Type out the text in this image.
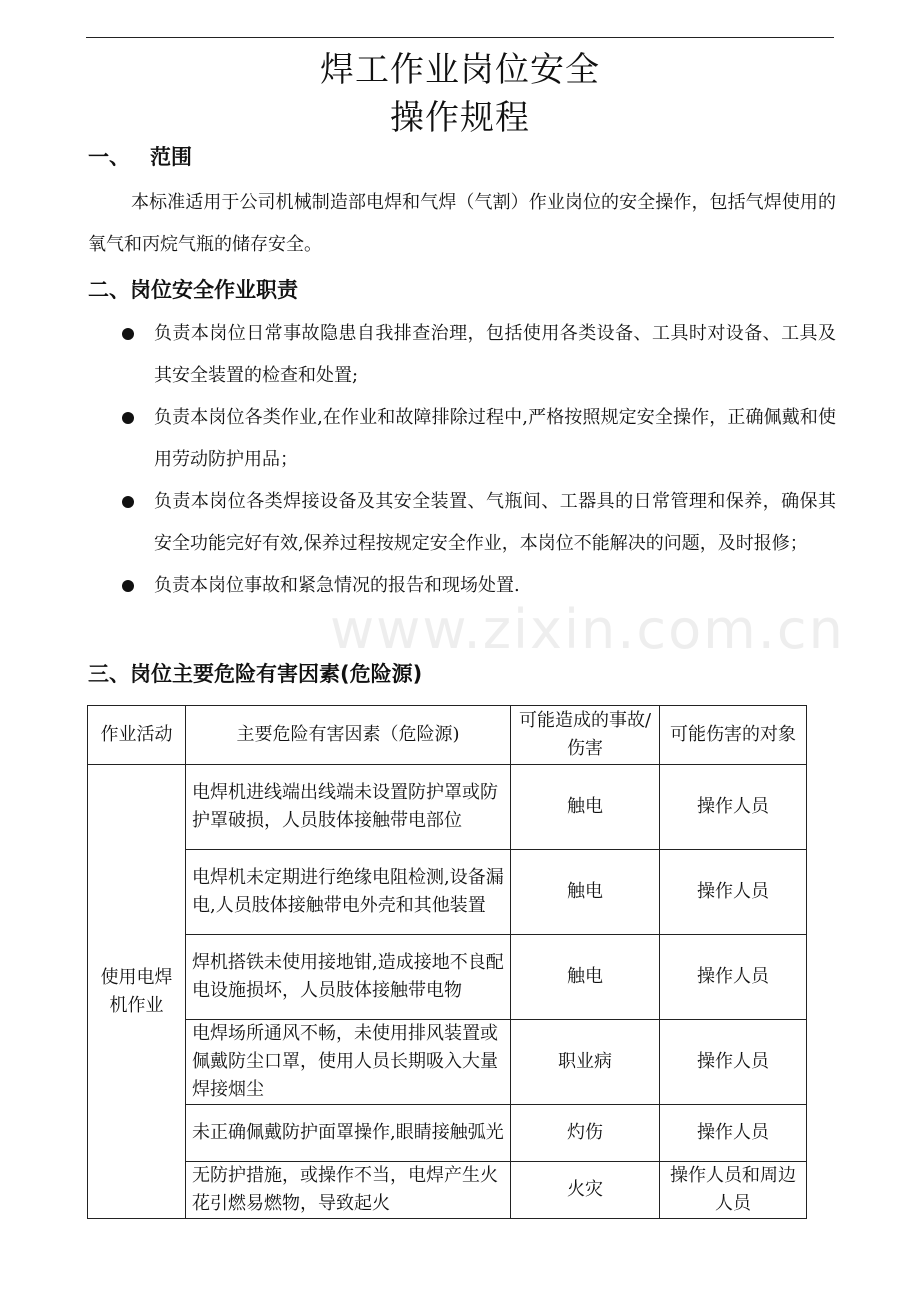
焊工作业岗位安全
操作规程
一、 范围
本标准适用于公司机械制造部电焊和气焊（气割）作业岗位的安全操作，包括气焊使用的氧气和丙烷气瓶的储存安全。
二、岗位安全作业职责
负责本岗位日常事故隐患自我排查治理，包括使用各类设备、工具时对设备、工具及其安全装置的检查和处置;
负责本岗位各类作业,在作业和故障排除过程中,严格按照规定安全操作，正确佩戴和使用劳动防护用品；
负责本岗位各类焊接设备及其安全装置、气瓶间、工器具的日常管理和保养，确保其安全功能完好有效,保养过程按规定安全作业，本岗位不能解决的问题，及时报修；
负责本岗位事故和紧急情况的报告和现场处置.
www.zixin.com.cn
三、岗位主要危险有害因素(危险源)
作业活动	主要危险有害因素（危险源)	可能造成的事故/伤害	可能伤害的对象
使用电焊机作业	电焊机进线端出线端未设置防护罩或防护罩破损，人员肢体接触带电部位	触电	操作人员
	电焊机未定期进行绝缘电阻检测,设备漏电,人员肢体接触带电外壳和其他装置	触电	操作人员
	焊机搭铁未使用接地钳,造成接地不良配电设施损坏，人员肢体接触带电物	触电	操作人员
	电焊场所通风不畅，未使用排风装置或佩戴防尘口罩，使用人员长期吸入大量焊接烟尘	职业病	操作人员
	未正确佩戴防护面罩操作,眼睛接触弧光	灼伤	操作人员
	无防护措施，或操作不当，电焊产生火花引燃易燃物，导致起火	火灾	操作人员和周边人员
